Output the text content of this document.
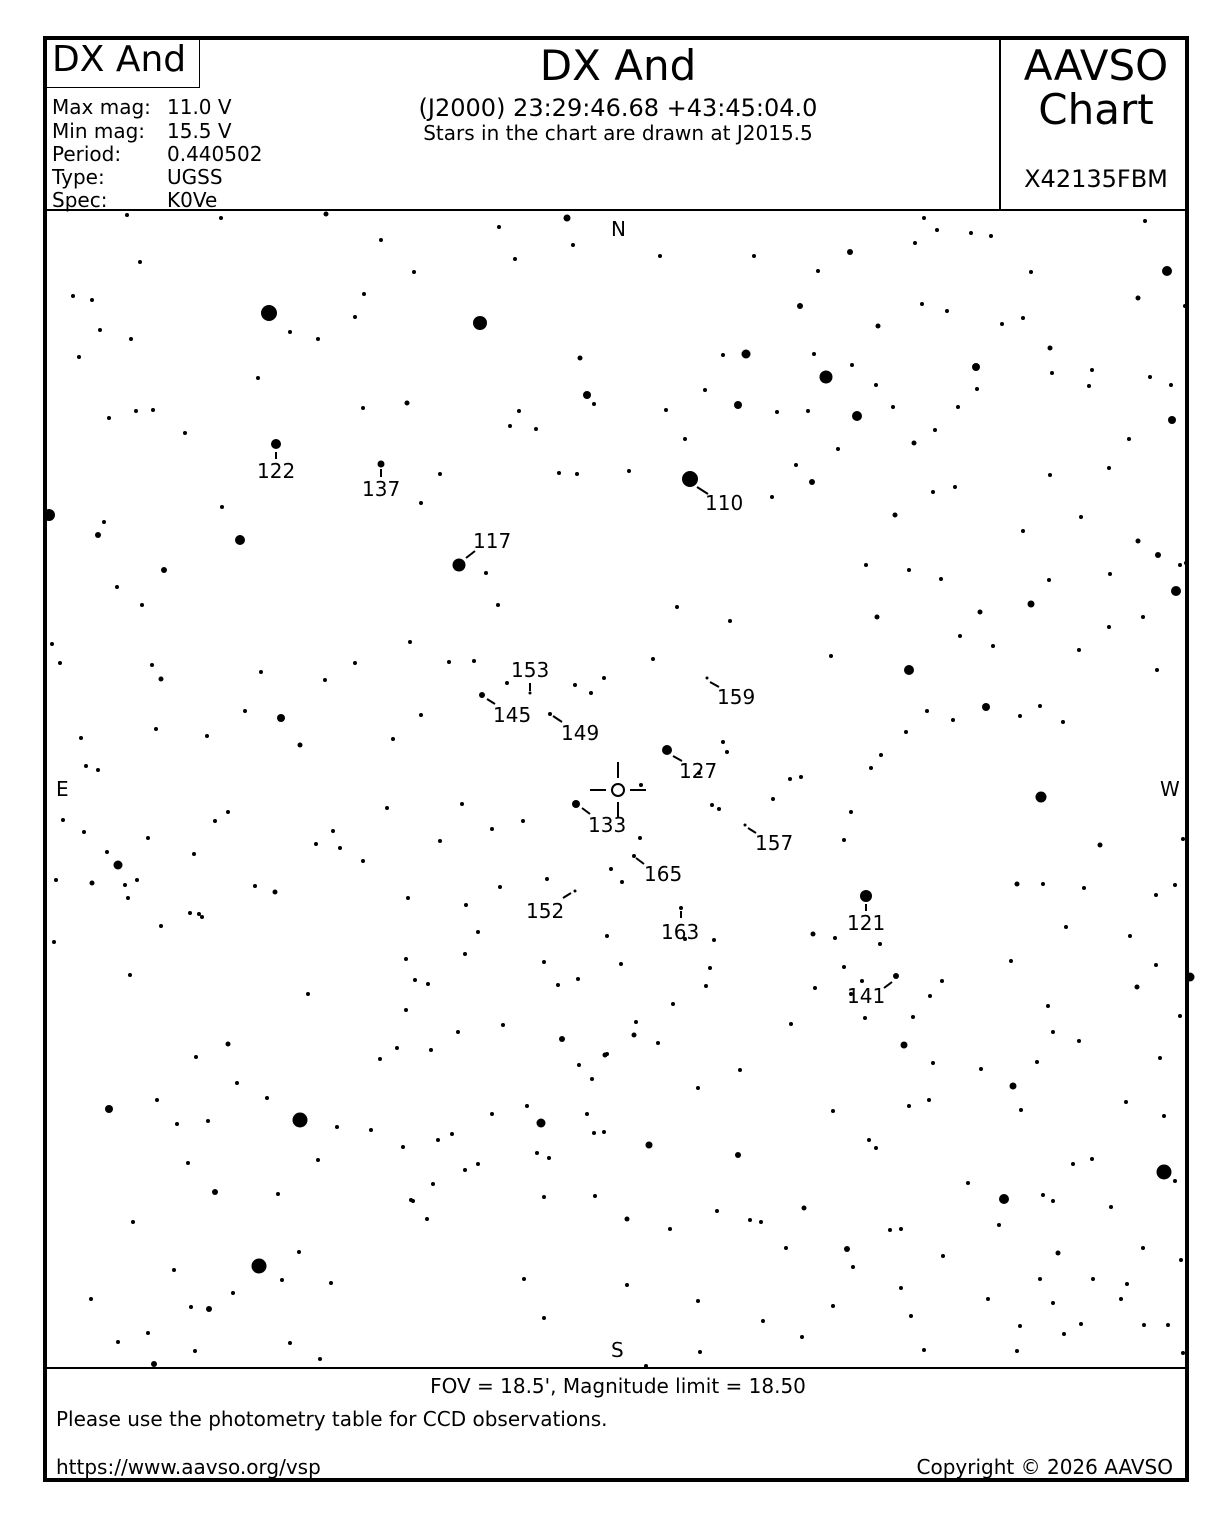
DX And
Max mag: 11.0 V
Min mag: 15.5 V
Period: 0.440502
Type:	UGSS
Spec:	K0Ve
DX And
(J2000) 23:29:46.68 +43:45:04.0
Stars in the chart are drawn at J2015.5
AAVSO
Chart
X42135FBM
N
S
E	W
110
117
121
122
127
133
137
141
145
149
152
153
157
159
163
165
FOV = 18.5', Magnitude limit = 18.50
Please use the photometry table for CCD observations.
https://www.aavso.org/vsp	Copyright © 2026 AAVSO
